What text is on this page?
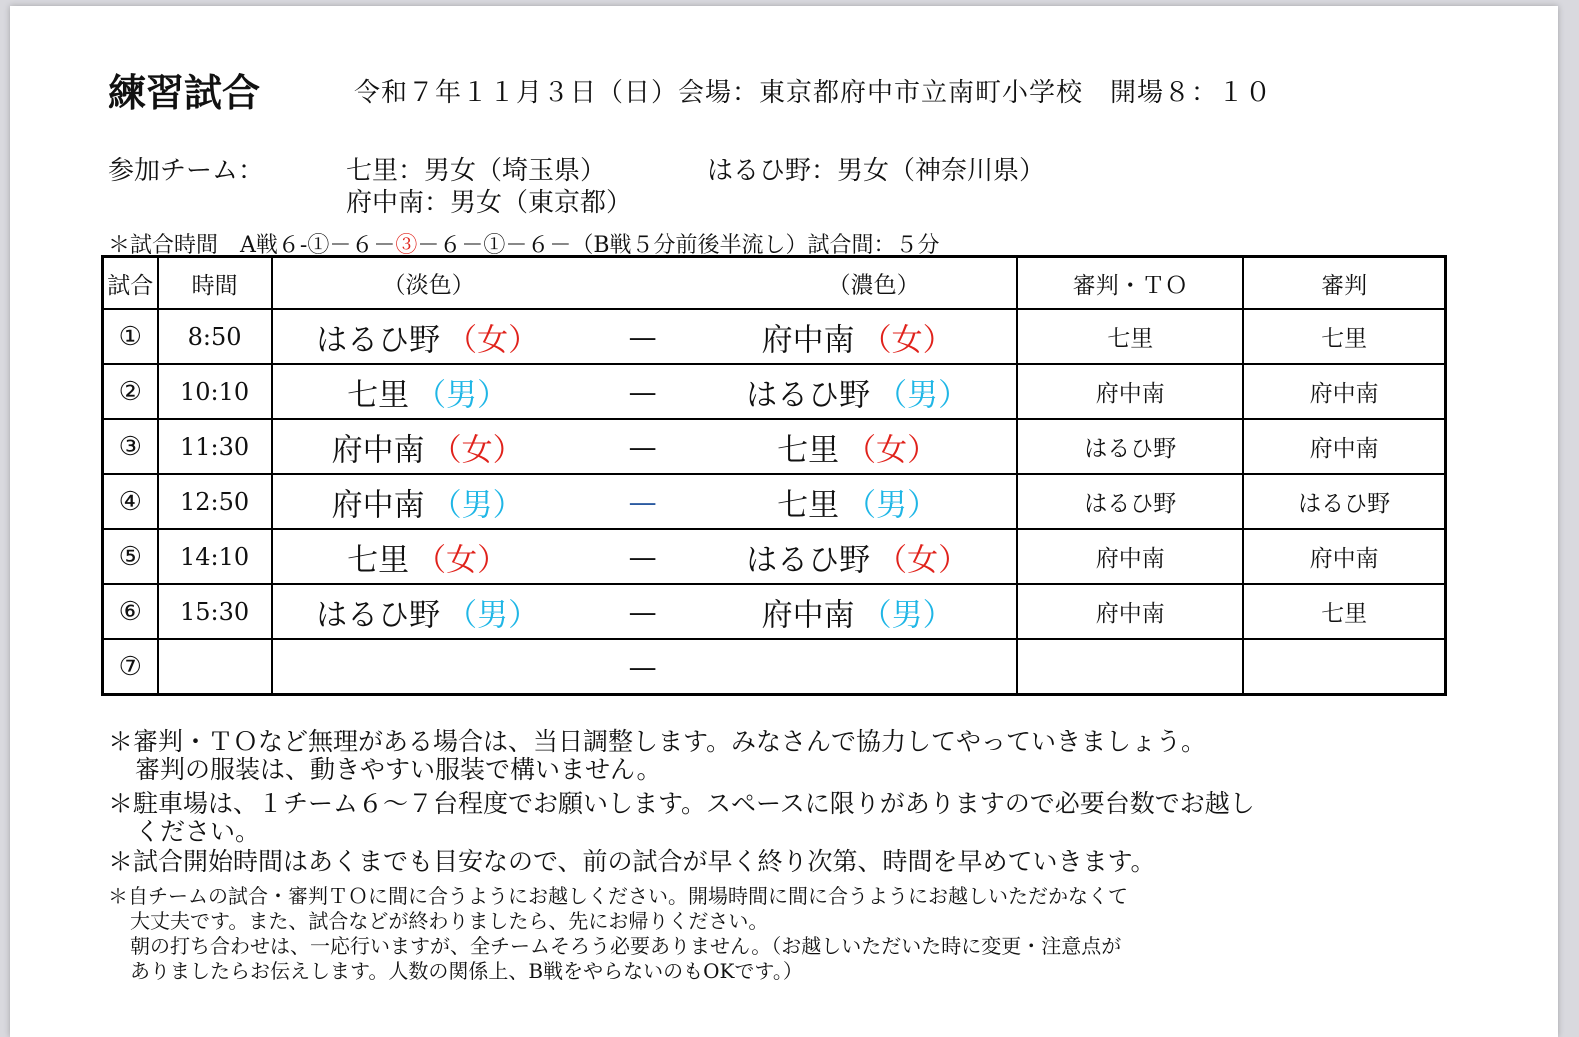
練習試合	令和７年１１月３日（日）会場：東京都府中市立南町小学校　開場８：１０
参加チーム：	七里：男女（埼玉県）	はるひ野：男女（神奈川県）
府中南：男女（東京都）
＊試合時間　A戦６-①－６－③－６－①－６－（B戦５分前後半流し）試合間：５分
試合	時間	（淡色） （濃色）	審判・ＴＯ	審判
①	8:50	はるひ野 （女） — 府中南 （女）	七里	七里
②	10:10	七里 （男） — はるひ野 （男）	府中南	府中南
③	11:30	府中南 （女） — 七里 （女）	はるひ野	府中南
④	12:50	府中南 （男） — 七里 （男）	はるひ野	はるひ野
⑤	14:10	七里 （女） — はるひ野 （女）	府中南	府中南
⑥	15:30	はるひ野 （男） — 府中南 （男）	府中南	七里
⑦		—		

＊審判・ＴＯなど無理がある場合は、当日調整します。みなさんで協力してやっていきましょう。
審判の服装は、動きやすい服装で構いません。
＊駐車場は、１チーム６～７台程度でお願いします。スペースに限りがありますので必要台数でお越し
ください。
＊試合開始時間はあくまでも目安なので、前の試合が早く終り次第、時間を早めていきます。
＊自チームの試合・審判ＴＯに間に合うようにお越しください。開場時間に間に合うようにお越しいただかなくて
大丈夫です。また、試合などが終わりましたら、先にお帰りください。
朝の打ち合わせは、一応行いますが、全チームそろう必要ありません。（お越しいただいた時に変更・注意点が
ありましたらお伝えします。人数の関係上、B戦をやらないのもOKです。）
